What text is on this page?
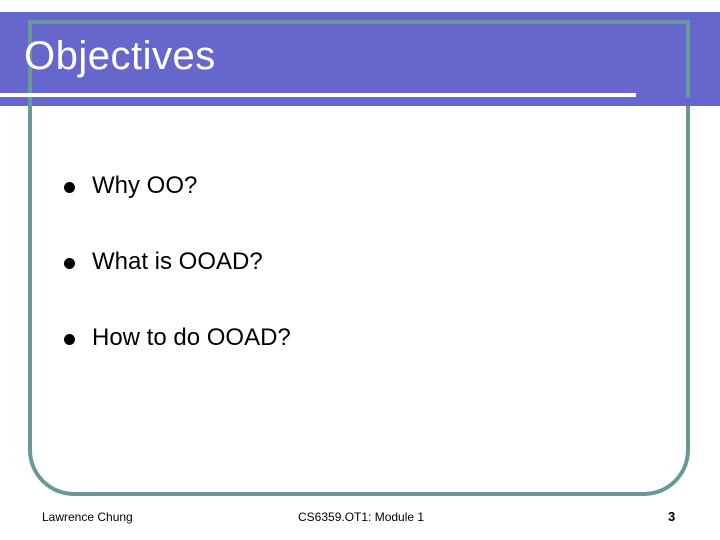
Objectives
Why OO?
What is OOAD?
How to do OOAD?
Lawrence Chung	CS6359.OT1: Module 1	3
